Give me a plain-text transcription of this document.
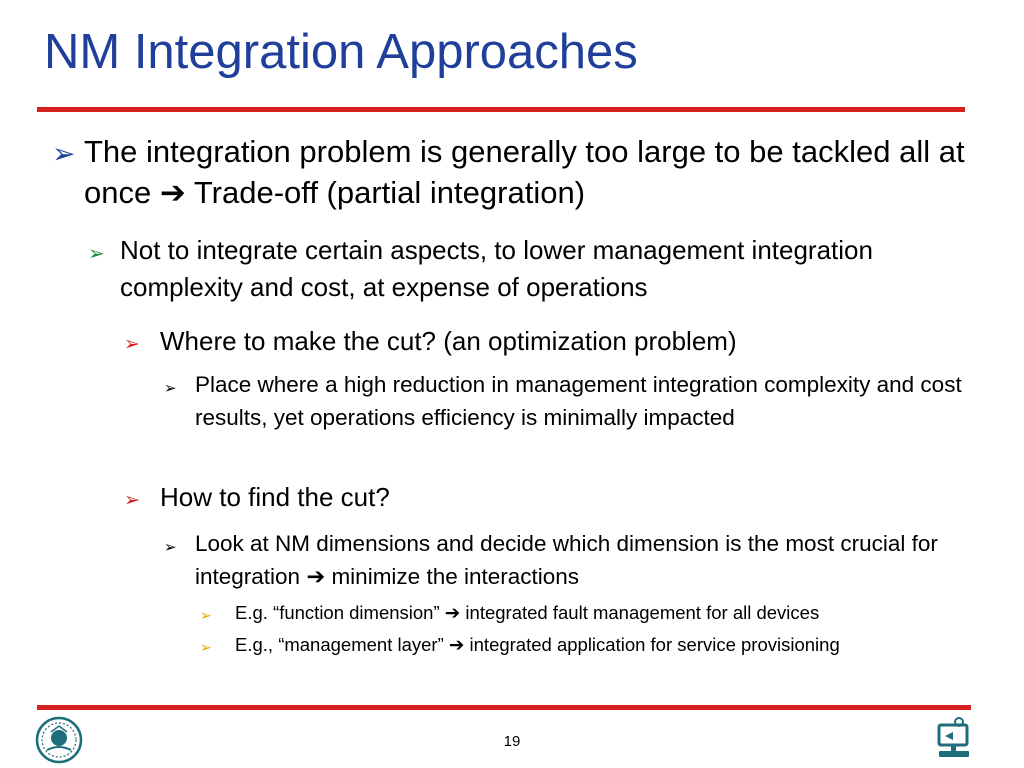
NM Integration Approaches
➢ The integration problem is generally too large to be tackled all at once ➔ Trade-off (partial integration)
➢ Not to integrate certain aspects, to lower management integration complexity and cost, at expense of operations
➢ Where to make the cut? (an optimization problem)
➢ Place where a high reduction in management integration complexity and cost results, yet operations efficiency is minimally impacted
➢ How to find the cut?
➢ Look at NM dimensions and decide which dimension is the most crucial for integration ➔ minimize the interactions
➢ E.g. “function dimension” ➔ integrated fault management for all devices
➢ E.g., “management layer” ➔ integrated application for service provisioning
19
